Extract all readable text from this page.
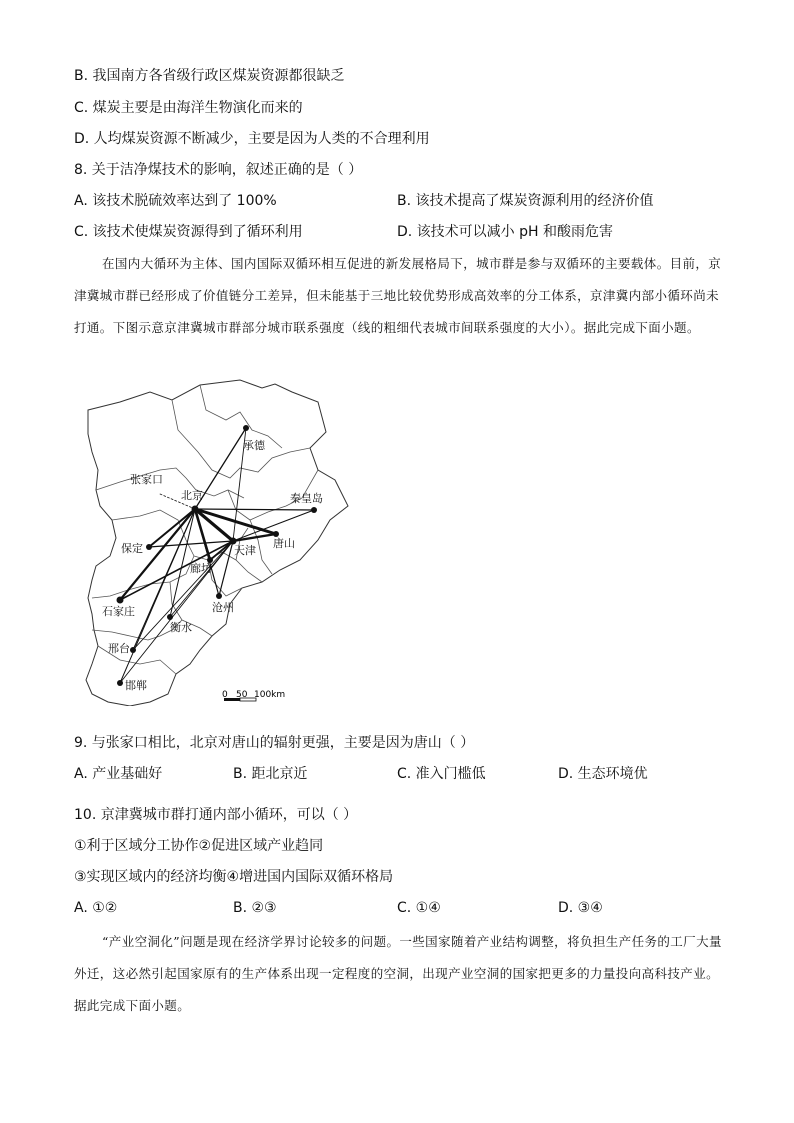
B. 我国南方各省级行政区煤炭资源都很缺乏
C. 煤炭主要是由海洋生物演化而来的
D. 人均煤炭资源不断减少，主要是因为人类的不合理利用
8. 关于洁净煤技术的影响，叙述正确的是（ ）
A. 该技术脱硫效率达到了 100%	B. 该技术提高了煤炭资源利用的经济价值
C. 该技术使煤炭资源得到了循环利用	D. 该技术可以减小 pH 和酸雨危害
在国内大循环为主体、国内国际双循环相互促进的新发展格局下，城市群是参与双循环的主要载体。目前，京津冀城市群已经形成了价值链分工差异，但未能基于三地比较优势形成高效率的分工体系，京津冀内部小循环尚未打通。下图示意京津冀城市群部分城市联系强度（线的粗细代表城市间联系强度的大小）。据此完成下面小题。
承德
张家口
北京	秦皇岛
保定	天津
唐山
廊坊
石家庄	沧州
衡水
邢台
邯郸
0 50 100km
9. 与张家口相比，北京对唐山的辐射更强，主要是因为唐山（ ）
A. 产业基础好	B. 距北京近	C. 准入门槛低	D. 生态环境优
10. 京津冀城市群打通内部小循环，可以（ ）
①利于区域分工协作②促进区域产业趋同
③实现区域内的经济均衡④增进国内国际双循环格局
A. ①②	B. ②③	C. ①④	D. ③④
“产业空洞化”问题是现在经济学界讨论较多的问题。一些国家随着产业结构调整，将负担生产任务的工厂大量外迁，这必然引起国家原有的生产体系出现一定程度的空洞，出现产业空洞的国家把更多的力量投向高科技产业。据此完成下面小题。
